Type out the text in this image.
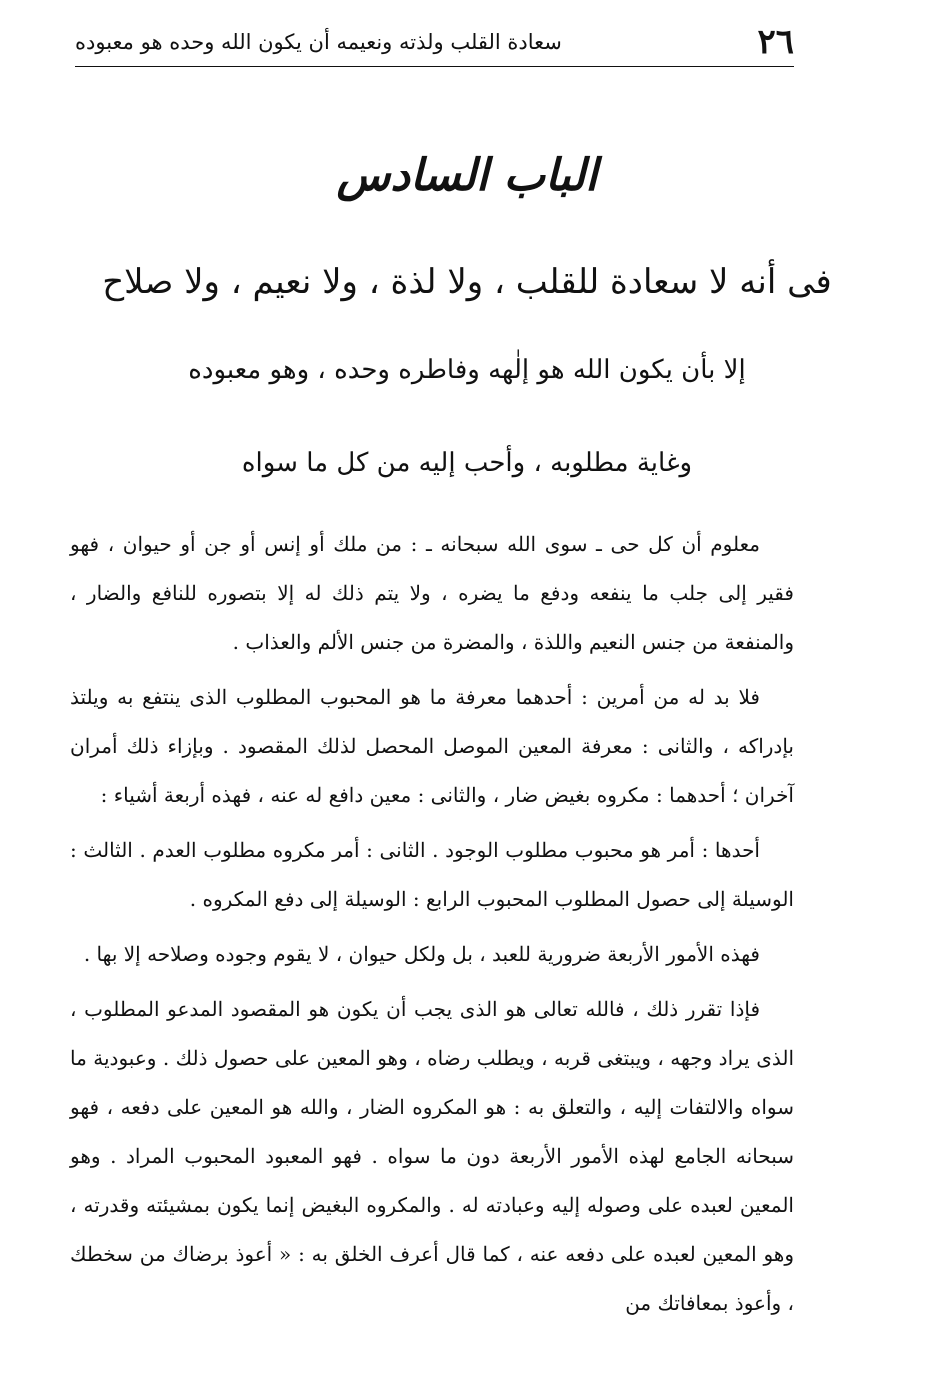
٢٦
سعادة القلب ولذته ونعيمه أن يكون الله وحده هو معبوده
الباب السادس
فى أنه لا سعادة للقلب ، ولا لذة ، ولا نعيم ، ولا صلاح
إلا بأن يكون الله هو إلٰهه وفاطره وحده ، وهو معبوده
وغاية مطلوبه ، وأحب إليه من كل ما سواه

معلوم أن كل حى ـ سوى الله سبحانه ـ : من ملك أو إنس أو جن أو حيوان ، فهو فقير إلى جلب ما ينفعه ودفع ما يضره ، ولا يتم ذلك له إلا بتصوره للنافع والضار ، والمنفعة من جنس النعيم واللذة ، والمضرة من جنس الألم والعذاب .

فلا بد له من أمرين : أحدهما معرفة ما هو المحبوب المطلوب الذى ينتفع به ويلتذ بإدراكه ، والثانى : معرفة المعين الموصل المحصل لذلك المقصود . وبإزاء ذلك أمران آخران ؛ أحدهما : مكروه بغيض ضار ، والثانى : معين دافع له عنه ، فهذه أربعة أشياء :

أحدها : أمر هو محبوب مطلوب الوجود . الثانى : أمر مكروه مطلوب العدم . الثالث : الوسيلة إلى حصول المطلوب المحبوب الرابع : الوسيلة إلى دفع المكروه .

فهذه الأمور الأربعة ضرورية للعبد ، بل ولكل حيوان ، لا يقوم وجوده وصلاحه إلا بها .

فإذا تقرر ذلك ، فالله تعالى هو الذى يجب أن يكون هو المقصود المدعو المطلوب ، الذى يراد وجهه ، ويبتغى قربه ، ويطلب رضاه ، وهو المعين على حصول ذلك . وعبودية ما سواه والالتفات إليه ، والتعلق به : هو المكروه الضار ، والله هو المعين على دفعه ، فهو سبحانه الجامع لهذه الأمور الأربعة دون ما سواه . فهو المعبود المحبوب المراد . وهو المعين لعبده على وصوله إليه وعبادته له . والمكروه البغيض إنما يكون بمشيئته وقدرته ، وهو المعين لعبده على دفعه عنه ، كما قال أعرف الخلق به : « أعوذ برضاك من سخطك ، وأعوذ بمعافاتك من
